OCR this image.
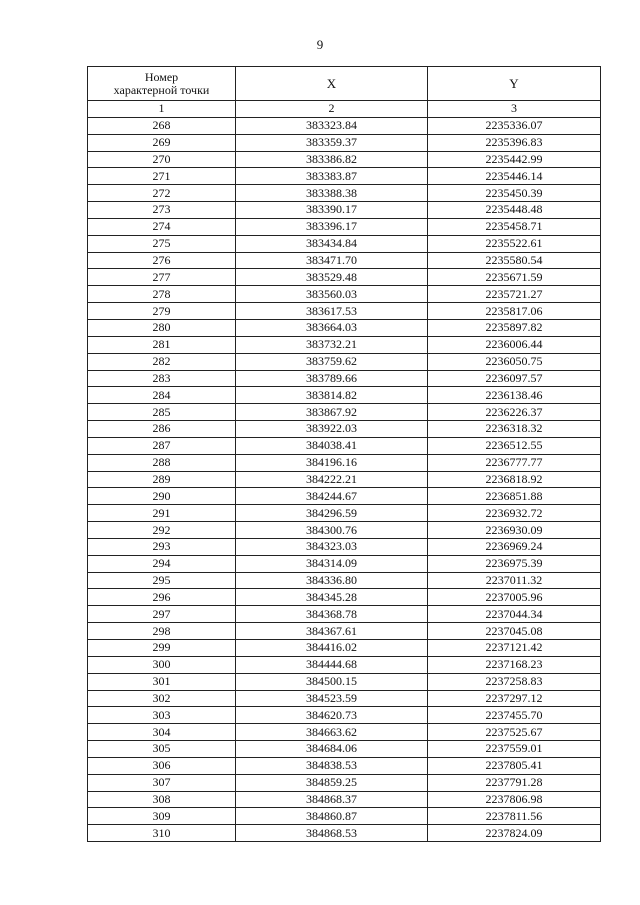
9
Номер
характерной точки	X	Y
1	2	3
268	383323.84	2235336.07
269	383359.37	2235396.83
270	383386.82	2235442.99
271	383383.87	2235446.14
272	383388.38	2235450.39
273	383390.17	2235448.48
274	383396.17	2235458.71
275	383434.84	2235522.61
276	383471.70	2235580.54
277	383529.48	2235671.59
278	383560.03	2235721.27
279	383617.53	2235817.06
280	383664.03	2235897.82
281	383732.21	2236006.44
282	383759.62	2236050.75
283	383789.66	2236097.57
284	383814.82	2236138.46
285	383867.92	2236226.37
286	383922.03	2236318.32
287	384038.41	2236512.55
288	384196.16	2236777.77
289	384222.21	2236818.92
290	384244.67	2236851.88
291	384296.59	2236932.72
292	384300.76	2236930.09
293	384323.03	2236969.24
294	384314.09	2236975.39
295	384336.80	2237011.32
296	384345.28	2237005.96
297	384368.78	2237044.34
298	384367.61	2237045.08
299	384416.02	2237121.42
300	384444.68	2237168.23
301	384500.15	2237258.83
302	384523.59	2237297.12
303	384620.73	2237455.70
304	384663.62	2237525.67
305	384684.06	2237559.01
306	384838.53	2237805.41
307	384859.25	2237791.28
308	384868.37	2237806.98
309	384860.87	2237811.56
310	384868.53	2237824.09
